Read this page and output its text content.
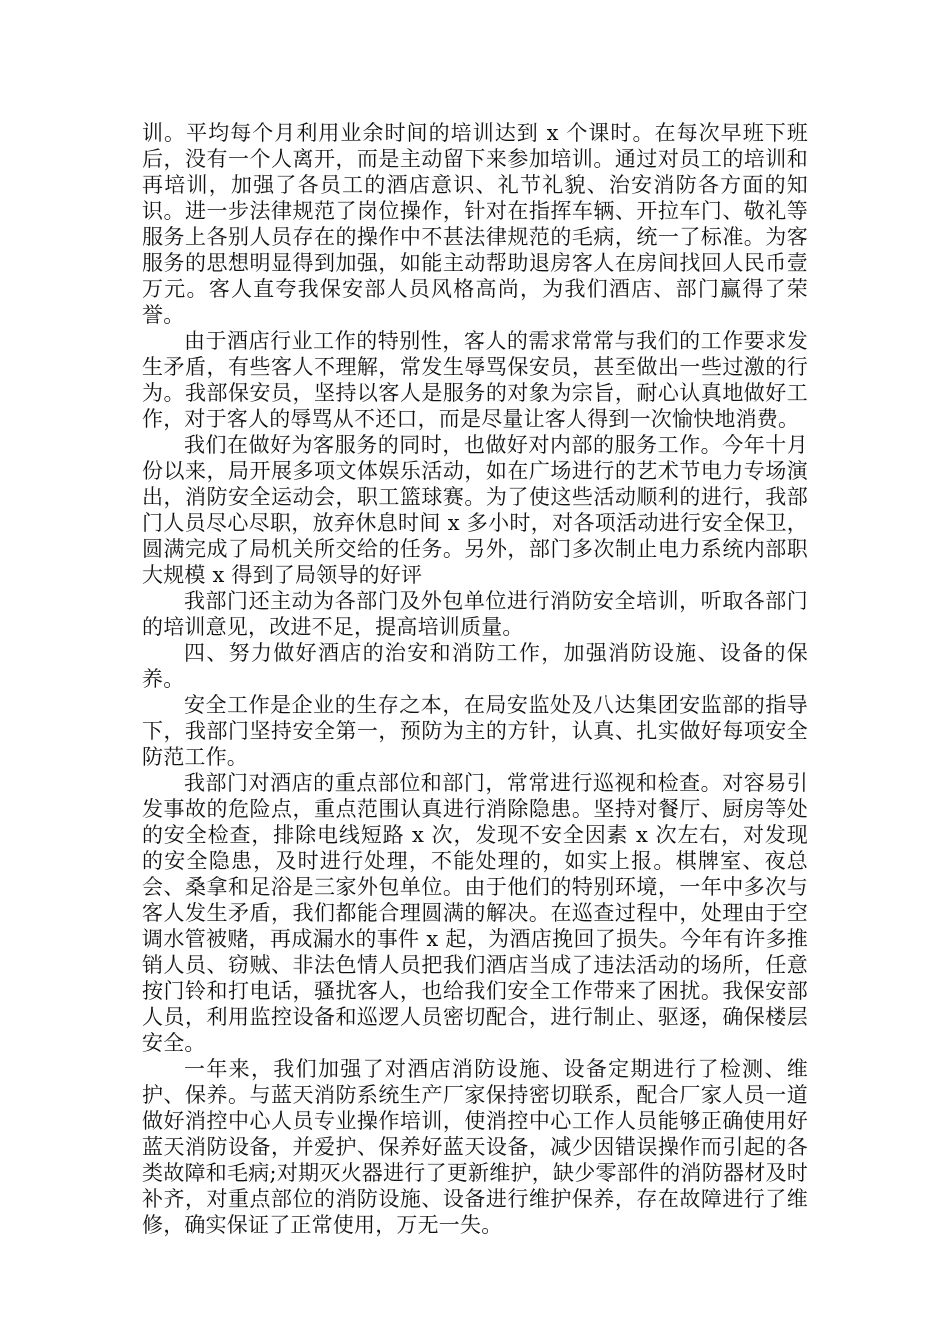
训。平均每个月利用业余时间的培训达到 x 个课时。在每次早班下班后，没有一个人离开，而是主动留下来参加培训。通过对员工的培训和再培训，加强了各员工的酒店意识、礼节礼貌、治安消防各方面的知识。进一步法律规范了岗位操作，针对在指挥车辆、开拉车门、敬礼等服务上各别人员存在的操作中不甚法律规范的毛病，统一了标准。为客服务的思想明显得到加强，如能主动帮助退房客人在房间找回人民币壹万元。客人直夸我保安部人员风格高尚，为我们酒店、部门赢得了荣誉。

由于酒店行业工作的特别性，客人的需求常常与我们的工作要求发生矛盾，有些客人不理解，常发生辱骂保安员，甚至做出一些过激的行为。我部保安员，坚持以客人是服务的对象为宗旨，耐心认真地做好工作，对于客人的辱骂从不还口，而是尽量让客人得到一次愉快地消费。

我们在做好为客服务的同时，也做好对内部的服务工作。今年十月份以来，局开展多项文体娱乐活动，如在广场进行的艺术节电力专场演出，消防安全运动会，职工篮球赛。为了使这些活动顺利的进行，我部门人员尽心尽职，放弃休息时间 x 多小时，对各项活动进行安全保卫，圆满完成了局机关所交给的任务。另外，部门多次制止电力系统内部职大规模 x 得到了局领导的好评

我部门还主动为各部门及外包单位进行消防安全培训，听取各部门的培训意见，改进不足，提高培训质量。

四、努力做好酒店的治安和消防工作，加强消防设施、设备的保养。

安全工作是企业的生存之本，在局安监处及八达集团安监部的指导下，我部门坚持安全第一，预防为主的方针，认真、扎实做好每项安全防范工作。

我部门对酒店的重点部位和部门，常常进行巡视和检查。对容易引发事故的危险点，重点范围认真进行消除隐患。坚持对餐厅、厨房等处的安全检查，排除电线短路 x 次，发现不安全因素 x 次左右，对发现的安全隐患，及时进行处理，不能处理的，如实上报。棋牌室、夜总会、桑拿和足浴是三家外包单位。由于他们的特别环境，一年中多次与客人发生矛盾，我们都能合理圆满的解决。在巡查过程中，处理由于空调水管被赌，再成漏水的事件 x 起，为酒店挽回了损失。今年有许多推销人员、窃贼、非法色情人员把我们酒店当成了违法活动的场所，任意按门铃和打电话，骚扰客人，也给我们安全工作带来了困扰。我保安部人员，利用监控设备和巡逻人员密切配合，进行制止、驱逐，确保楼层安全。

一年来，我们加强了对酒店消防设施、设备定期进行了检测、维护、保养。与蓝天消防系统生产厂家保持密切联系，配合厂家人员一道做好消控中心人员专业操作培训，使消控中心工作人员能够正确使用好蓝天消防设备，并爱护、保养好蓝天设备，减少因错误操作而引起的各类故障和毛病;对期灭火器进行了更新维护，缺少零部件的消防器材及时补齐，对重点部位的消防设施、设备进行维护保养，存在故障进行了维修，确实保证了正常使用，万无一失。
